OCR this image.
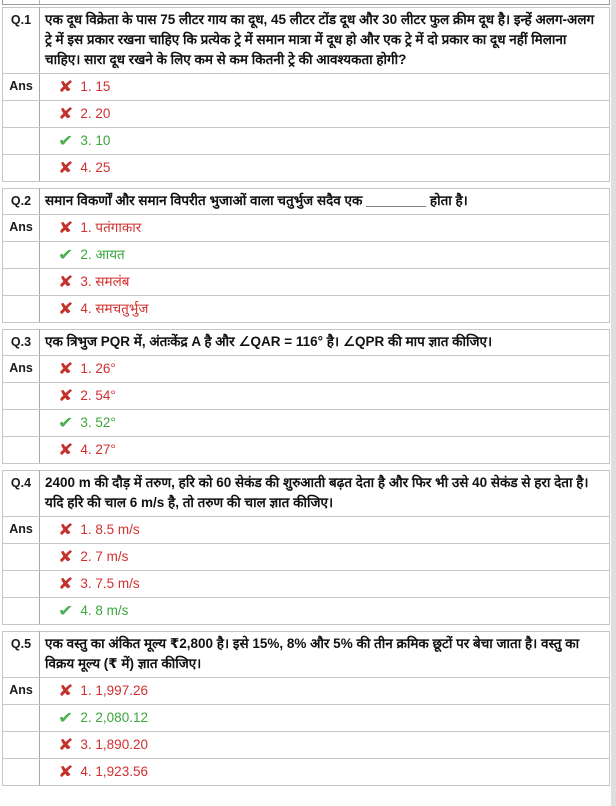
Q.1	एक दूध विक्रेता के पास 75 लीटर गाय का दूध, 45 लीटर टोंड दूध और 30 लीटर फुल क्रीम दूध है। इन्हें अलग-अलग ट्रे में इस प्रकार रखना चाहिए कि प्रत्येक ट्रे में समान मात्रा में दूध हो और एक ट्रे में दो प्रकार का दूध नहीं मिलाना चाहिए। सारा दूध रखने के लिए कम से कम कितनी ट्रे की आवश्यकता होगी?
Ans	✘ 1. 15
	✘ 2. 20
	✔ 3. 10
	✘ 4. 25
Q.2	समान विकर्णों और समान विपरीत भुजाओं वाला चतुर्भुज सदैव एक ________ होता है।
Ans	✘ 1. पतंगाकार
	✔ 2. आयत
	✘ 3. समलंब
	✘ 4. समचतुर्भुज
Q.3	एक त्रिभुज PQR में, अंतःकेंद्र A है और ∠QAR = 116° है। ∠QPR की माप ज्ञात कीजिए।
Ans	✘ 1. 26°
	✘ 2. 54°
	✔ 3. 52°
	✘ 4. 27°
Q.4	2400 m की दौड़ में तरुण, हरि को 60 सेकंड की शुरुआती बढ़त देता है और फिर भी उसे 40 सेकंड से हरा देता है। यदि हरि की चाल 6 m/s है, तो तरुण की चाल ज्ञात कीजिए।
Ans	✘ 1. 8.5 m/s
	✘ 2. 7 m/s
	✘ 3. 7.5 m/s
	✔ 4. 8 m/s
Q.5	एक वस्तु का अंकित मूल्य ₹2,800 है। इसे 15%, 8% और 5% की तीन क्रमिक छूटों पर बेचा जाता है। वस्तु का विक्रय मूल्य (₹ में) ज्ञात कीजिए।
Ans	✘ 1. 1,997.26
	✔ 2. 2,080.12
	✘ 3. 1,890.20
	✘ 4. 1,923.56
